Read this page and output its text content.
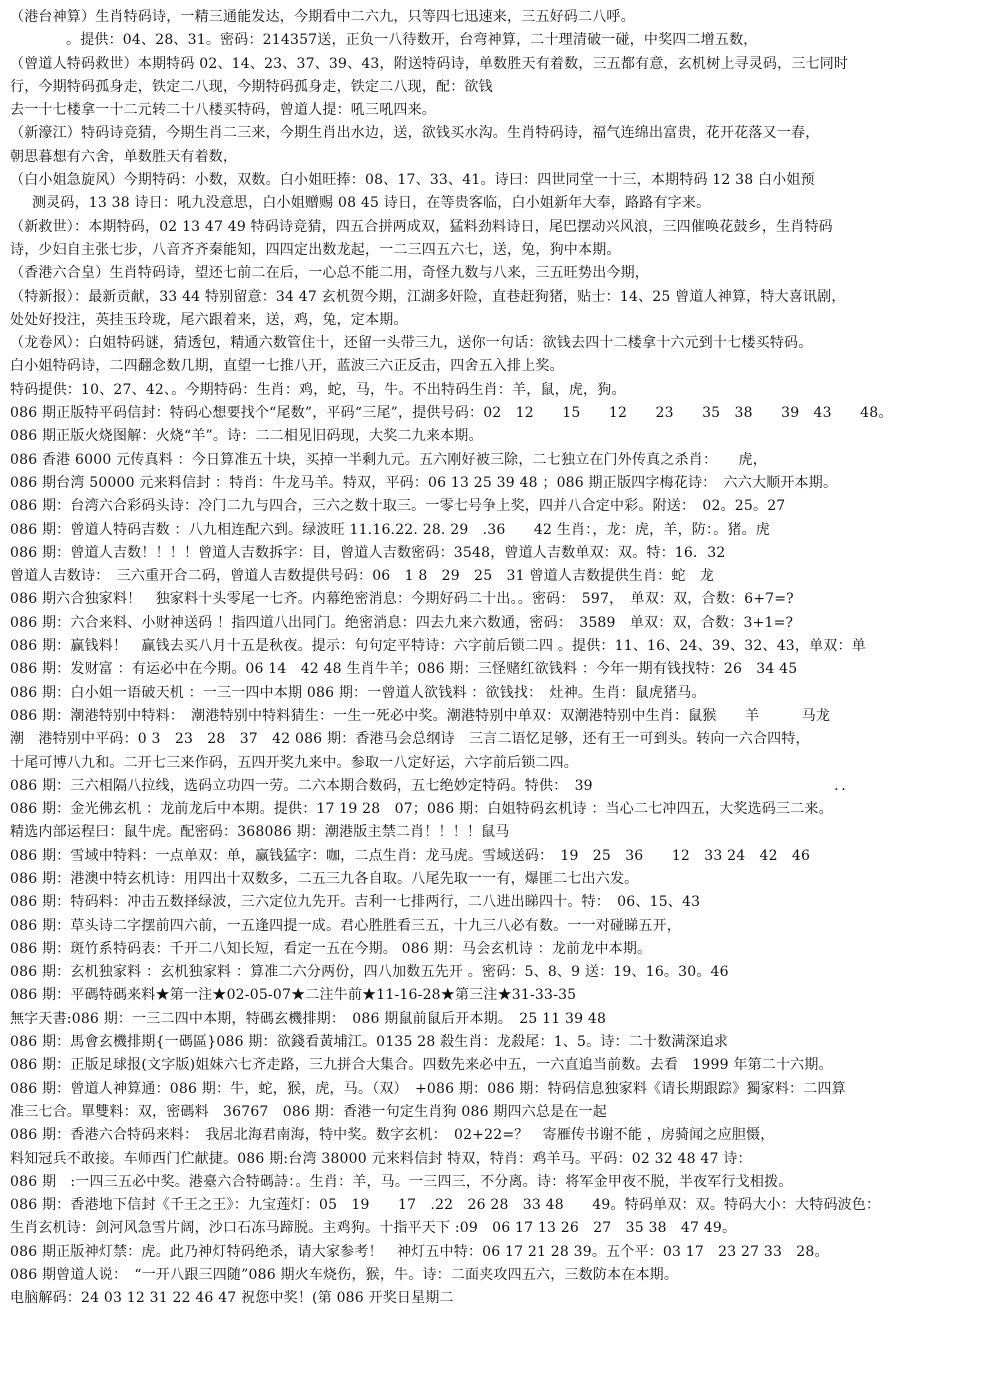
（港台神算）生肖特码诗，一精三通能发达，今期看中二六九，只等四七迅速来，三五好码二八呼。

。提供：04、28、31。密码：214357送，正负一八待数开，台弯神算，二十理清破一碰，中奖四二增五数，

（曾道人特码救世）本期特码 02、14、23、37、39、43，附送特码诗，单数胜天有着数，三五都有意，玄机树上寻灵码，三七同时

行，今期特码孤身走，铁定二八现，今期特码孤身走，铁定二八现，配：欲钱

去一十七楼拿一十二元转二十八楼买特码，曾道人提：吼三吼四来。

（新濠江）特码诗竞猜，今期生肖二三来，今期生肖出水边，送，欲钱买水沟。生肖特码诗，福气连绵出富贵，花开花落又一春，

朝思暮想有六舍，单数胜天有着数，

（白小姐急旋风）今期特码：小数，双数。白小姐旺捧：08、17、33、41。诗曰：四世同堂一十三，本期特码 12 38 白小姐预

测灵码，13 38 诗日：吼九没意思，白小姐赠赐 08 45 诗日，在等贵客临，白小姐新年大奉，路路有字来。

（新救世）：本期特码，02 13 47 49 特码诗竞猜，四五合拼两成双，猛料劲料诗日，尾巴摆动兴风浪，三四催唤花鼓乡，生肖特码

诗，少妇自主张七步，八音齐齐秦能知，四四定出数龙起，一二三四五六七，送，兔，狗中本期。

（香港六合皇）生肖特码诗，望还七前二在后，一心总不能二用，奇怪九数与八来，三五旺势出今期，

（特新报）：最新贡献，33 44 特别留意：34 47 玄机贺今期，江湖多奸险，直巷赶狗猪，贴士：14、25 曾道人神算，特大喜讯剧，

处处好投注，英挂玉玲珑，尾六跟着来，送，鸡，兔，定本期。

（龙卷风）：白姐特码谜，猜透包，精通六数管住十，还留一头带三九，送你一句话：欲钱去四十二楼拿十六元到十七楼买特码。

白小姐特码诗，二四翻念数几期，直望一七推八开，蓝波三六正反击，四舍五入排上奖。

特码提供：10、27、42、。今期特码：生肖：鸡，蛇，马，牛。不出特码生肖：羊，鼠，虎，狗。

086 期正版特平码信封：特码心想要找个“尾数”，平码“三尾”，提供号码：02　12　　15　　12　　23　　35　38　　39　43　　48。

086 期正版火烧图解：火烧“羊”。诗：二二相见旧码现，大奖二九来本期。

086 香港 6000 元传真料 ：今日算准五十块，买掉一半剩九元。五六刚好被三除，二七独立在门外传真之杀肖：　　虎，

086 期台湾 50000 元来料信封 ：特肖：牛龙马羊。特双，平码：06 13 25 39 48 ；086 期正版四字梅花诗：　六六大顺开本期。

086 期：台湾六合彩码头诗：冷门二九与四合，三六之数十取三。一零七号争上奖，四并八合定中彩。附送：　02。25。27

086 期：曾道人特码吉数 ：八九相连配六到。绿波旺 11.16.22. 28. 29　.36　　42 生肖：，龙：虎，羊，防：。猪。虎

086 期：曾道人吉数！！！！曾道人吉数拆字：目，曾道人吉数密码：3548，曾道人吉数单双：双。特：16．32

曾道人吉数诗：　三六重开合二码，曾道人吉数提供号码：06　1 8　29　25　31 曾道人吉数提供生肖：蛇　龙

086 期六合独家料！　独家料十头零尾一七齐。内幕绝密消息：今期好码二十出。。密码：　597，　单双：双，合数：6+7=?

086 期：六合来料、小财神送码 ！指四道八出同门。绝密消息：四去九来六数通，密码：　3589　单双：双，合数：3+1=?

086 期：赢钱料！　赢钱去买八月十五是秋夜。提示：句句定平特诗：六字前后锁二四 。提供：11、16、24、39、32、43，单双：单

086 期：发财富 ：有运必中在今期。06 14　42 48 生肖牛羊；086 期：三怪赌红欲钱料 ：今年一期有钱找特：26　34 45

086 期：白小姐一语破天机 ：一三一四中本期 086 期：一曾道人欲钱料 ：欲钱找：　灶神。生肖：鼠虎猪马。

086 期：潮港特别中特料：　潮港特别中特料猜生：一生一死必中奖。潮港特别中单双：双潮港特别中生肖：鼠猴　　羊　　　马龙

潮　港特别中平码：0 3　23　28　37　42 086 期：香港马会总纲诗　三言二语忆足够，还有王一可到头。转向一六合四特，

十尾可博八九和。二开七三来作码，五四开奖九来中。参取一八定好运，六字前后锁二四。

086 期：三六相隔八拉线，选码立功四一劳。二六本期合数码，五七绝妙定特码。特供：　39　　　　　　　　　　　　　　　　　．．

086 期：金光佛玄机 ：龙前龙后中本期。提供：17 19 28　07；086 期：白姐特码玄机诗 ：当心二七冲四五，大奖选码三二来。

精选内部运程曰：鼠牛虎。配密码：368086 期：潮港版主禁二肖！！！！鼠马

086 期：雪域中特料：一点单双：单，赢钱猛字：咖，二点生肖：龙马虎。雪域送码：　19　25　36　　12　33 24　42　46

086 期：港澳中特玄机诗：用四出十双数多，二五三九各自取。八尾先取一一有，爆匪二七出六发。

086 期：特码料：冲击五数择绿波，三六定位九先开。吉利一七排两行，二八进出睇四十。特：　06、15、43

086 期：草头诗二字摆前四六前，一五逢四提一成。君心胜胜看三五，十九三八必有数。一一对碰睇五开，

086 期：斑竹系特码表：千开二八知长短，看定一五在今期。 086 期：马会玄机诗 ：龙前龙中本期。

086 期：玄机独家料 ：玄机独家料 ：算准二六分两份，四八加数五先开 。密码：5、8、9 送：19、16。30。46

086 期：平碼特碼来料★第一注★02-05-07★二注牛前★11-16-28★第三注★31-33-35

無字天書:086 期：一三二四中本期，特碼玄機排期：　086 期鼠前鼠后开本期。　25 11 39 48

086 期：馬會玄機排期{一碼區}086 期：欲錢看黃埔江。0135 28 殺生肖：龙殺尾：1、5。诗：二十数满深追求

086 期：正版足球报(文字版)姐妹六七齐走路，三九拼合大集合。四数先来必中五，一六直追当前数。去看　1999 年第二十六期。

086 期：曾道人神算通：086 期：牛，蛇，猴，虎，马。（双）　+086 期：086 期：特码信息独家料《请长期跟踪》獨家料：二四算

准三七合。單雙料：双，密碼料　36767　086 期：香港一句定生肖狗 086 期四六总是在一起

086 期：香港六合特码来料：　我居北海君南海，特中奖。数字玄机：　02+22=？　寄雁传书谢不能 ，房骑闻之应胆慑，

料知冠兵不敢接。车师西门伫献捷。086 期:台湾 38000 元来料信封 特双，特肖：鸡羊马。平码：02 32 48 47 诗：

086 期　:一四三五必中奖。港臺六合特碼詩：。生肖：羊，马。一三四三，不分离。诗：将军金甲夜不脱，半夜军行戈相拨。

086 期：香港地下信封《千王之王》：九宝莲灯：05　19　　17　.22　26 28　33 48　　49。特码单双：双。特码大小：大特码波色：

生肖玄机诗：剑河风急雪片阔，沙口石冻马蹄脱。主鸡狗。十指平天下 :09　06 17 13 26　27　35 38　47 49。

086 期正版神灯禁：虎。此乃神灯特码绝杀，请大家参考！　神灯五中特：06 17 21 28 39。五个平：03 17　23 27 33　28。

086 期曾道人说：　“一开八跟三四随”086 期火车烧伤，猴，牛。诗：二面夹攻四五六，三数防本在本期。

电脑解码：24 03 12 31 22 46 47 祝您中奖！(第 086 开奖日星期二
